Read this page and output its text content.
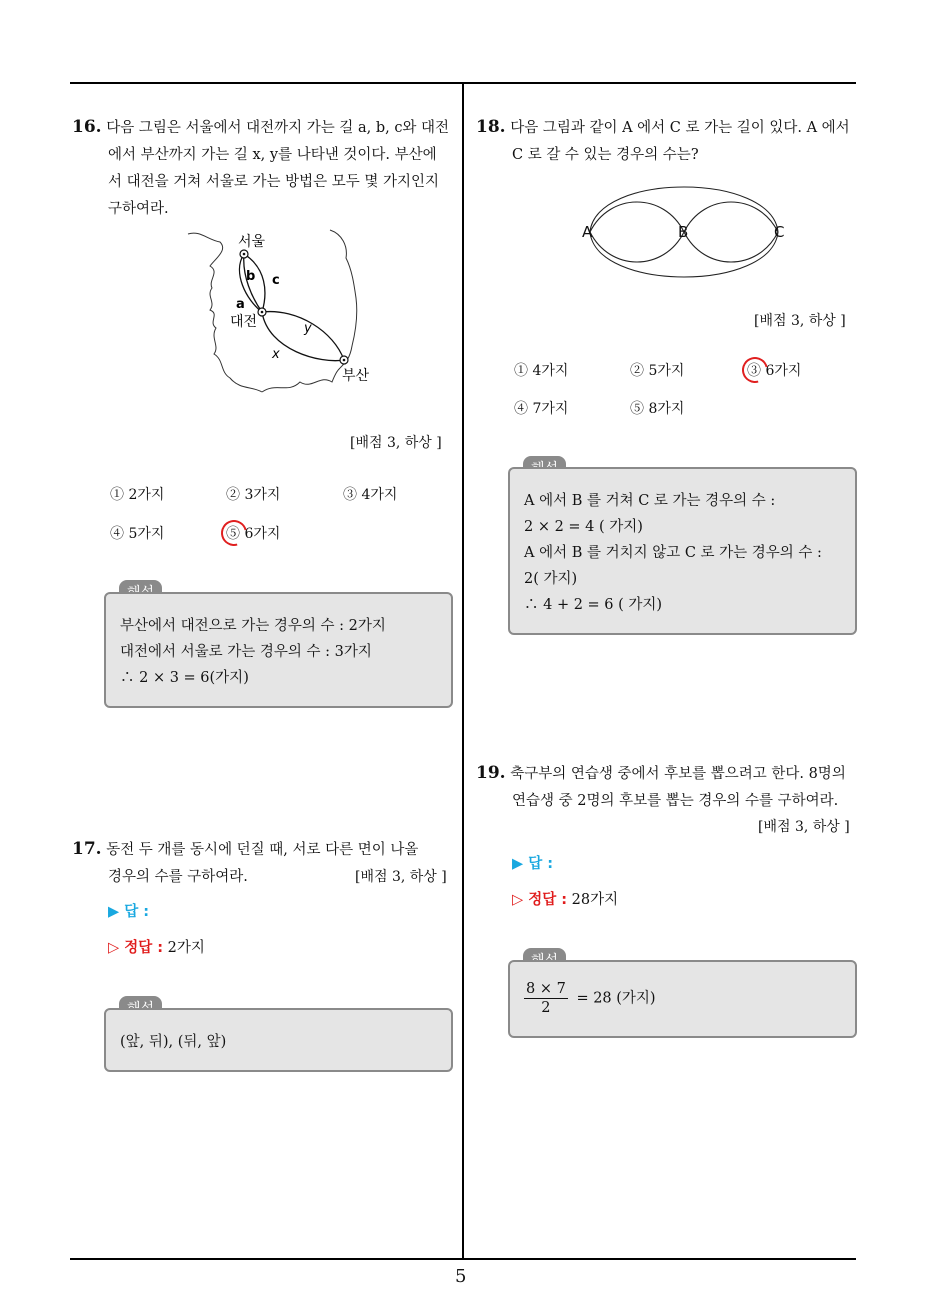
5
16. 다음 그림은 서울에서 대전까지 가는 길 a, b, c와 대전
에서 부산까지 가는 길 x, y를 나타낸 것이다. 부산에
서 대전을 거쳐 서울로 가는 방법은 모두 몇 가지인지
구하여라.
서울
대전
부산
a
b c
x
y
[배점 3, 하상 ]
① 2가지	② 3가지	③ 4가지
④ 5가지	⑤ 6가지
부산에서 대전으로 가는 경우의 수 : 2가지
대전에서 서울로 가는 경우의 수 : 3가지
∴ 2 × 3 = 6(가지)
17. 동전 두 개를 동시에 던질 때, 서로 다른 면이 나올
경우의 수를 구하여라.	[배점 3, 하상 ]
▶ 답 :
▷ 정답 : 2가지
(앞, 뒤), (뒤, 앞)
18. 다음 그림과 같이 A 에서 C 로 가는 길이 있다. A 에서
C 로 갈 수 있는 경우의 수는?
A	B	C
[배점 3, 하상 ]
① 4가지	② 5가지	③ 6가지
④ 7가지	⑤ 8가지
A 에서 B 를 거쳐 C 로 가는 경우의 수 :
2 × 2 = 4 ( 가지)
A 에서 B 를 거치지 않고 C 로 가는 경우의 수 :
2( 가지)
∴ 4 + 2 = 6 ( 가지)
19. 축구부의 연습생 중에서 후보를 뽑으려고 한다. 8명의
연습생 중 2명의 후보를 뽑는 경우의 수를 구하여라.
[배점 3, 하상 ]
▶ 답 :
▷ 정답 : 28가지
$\frac{8 \times 7}{2} = 28$ (가지)
